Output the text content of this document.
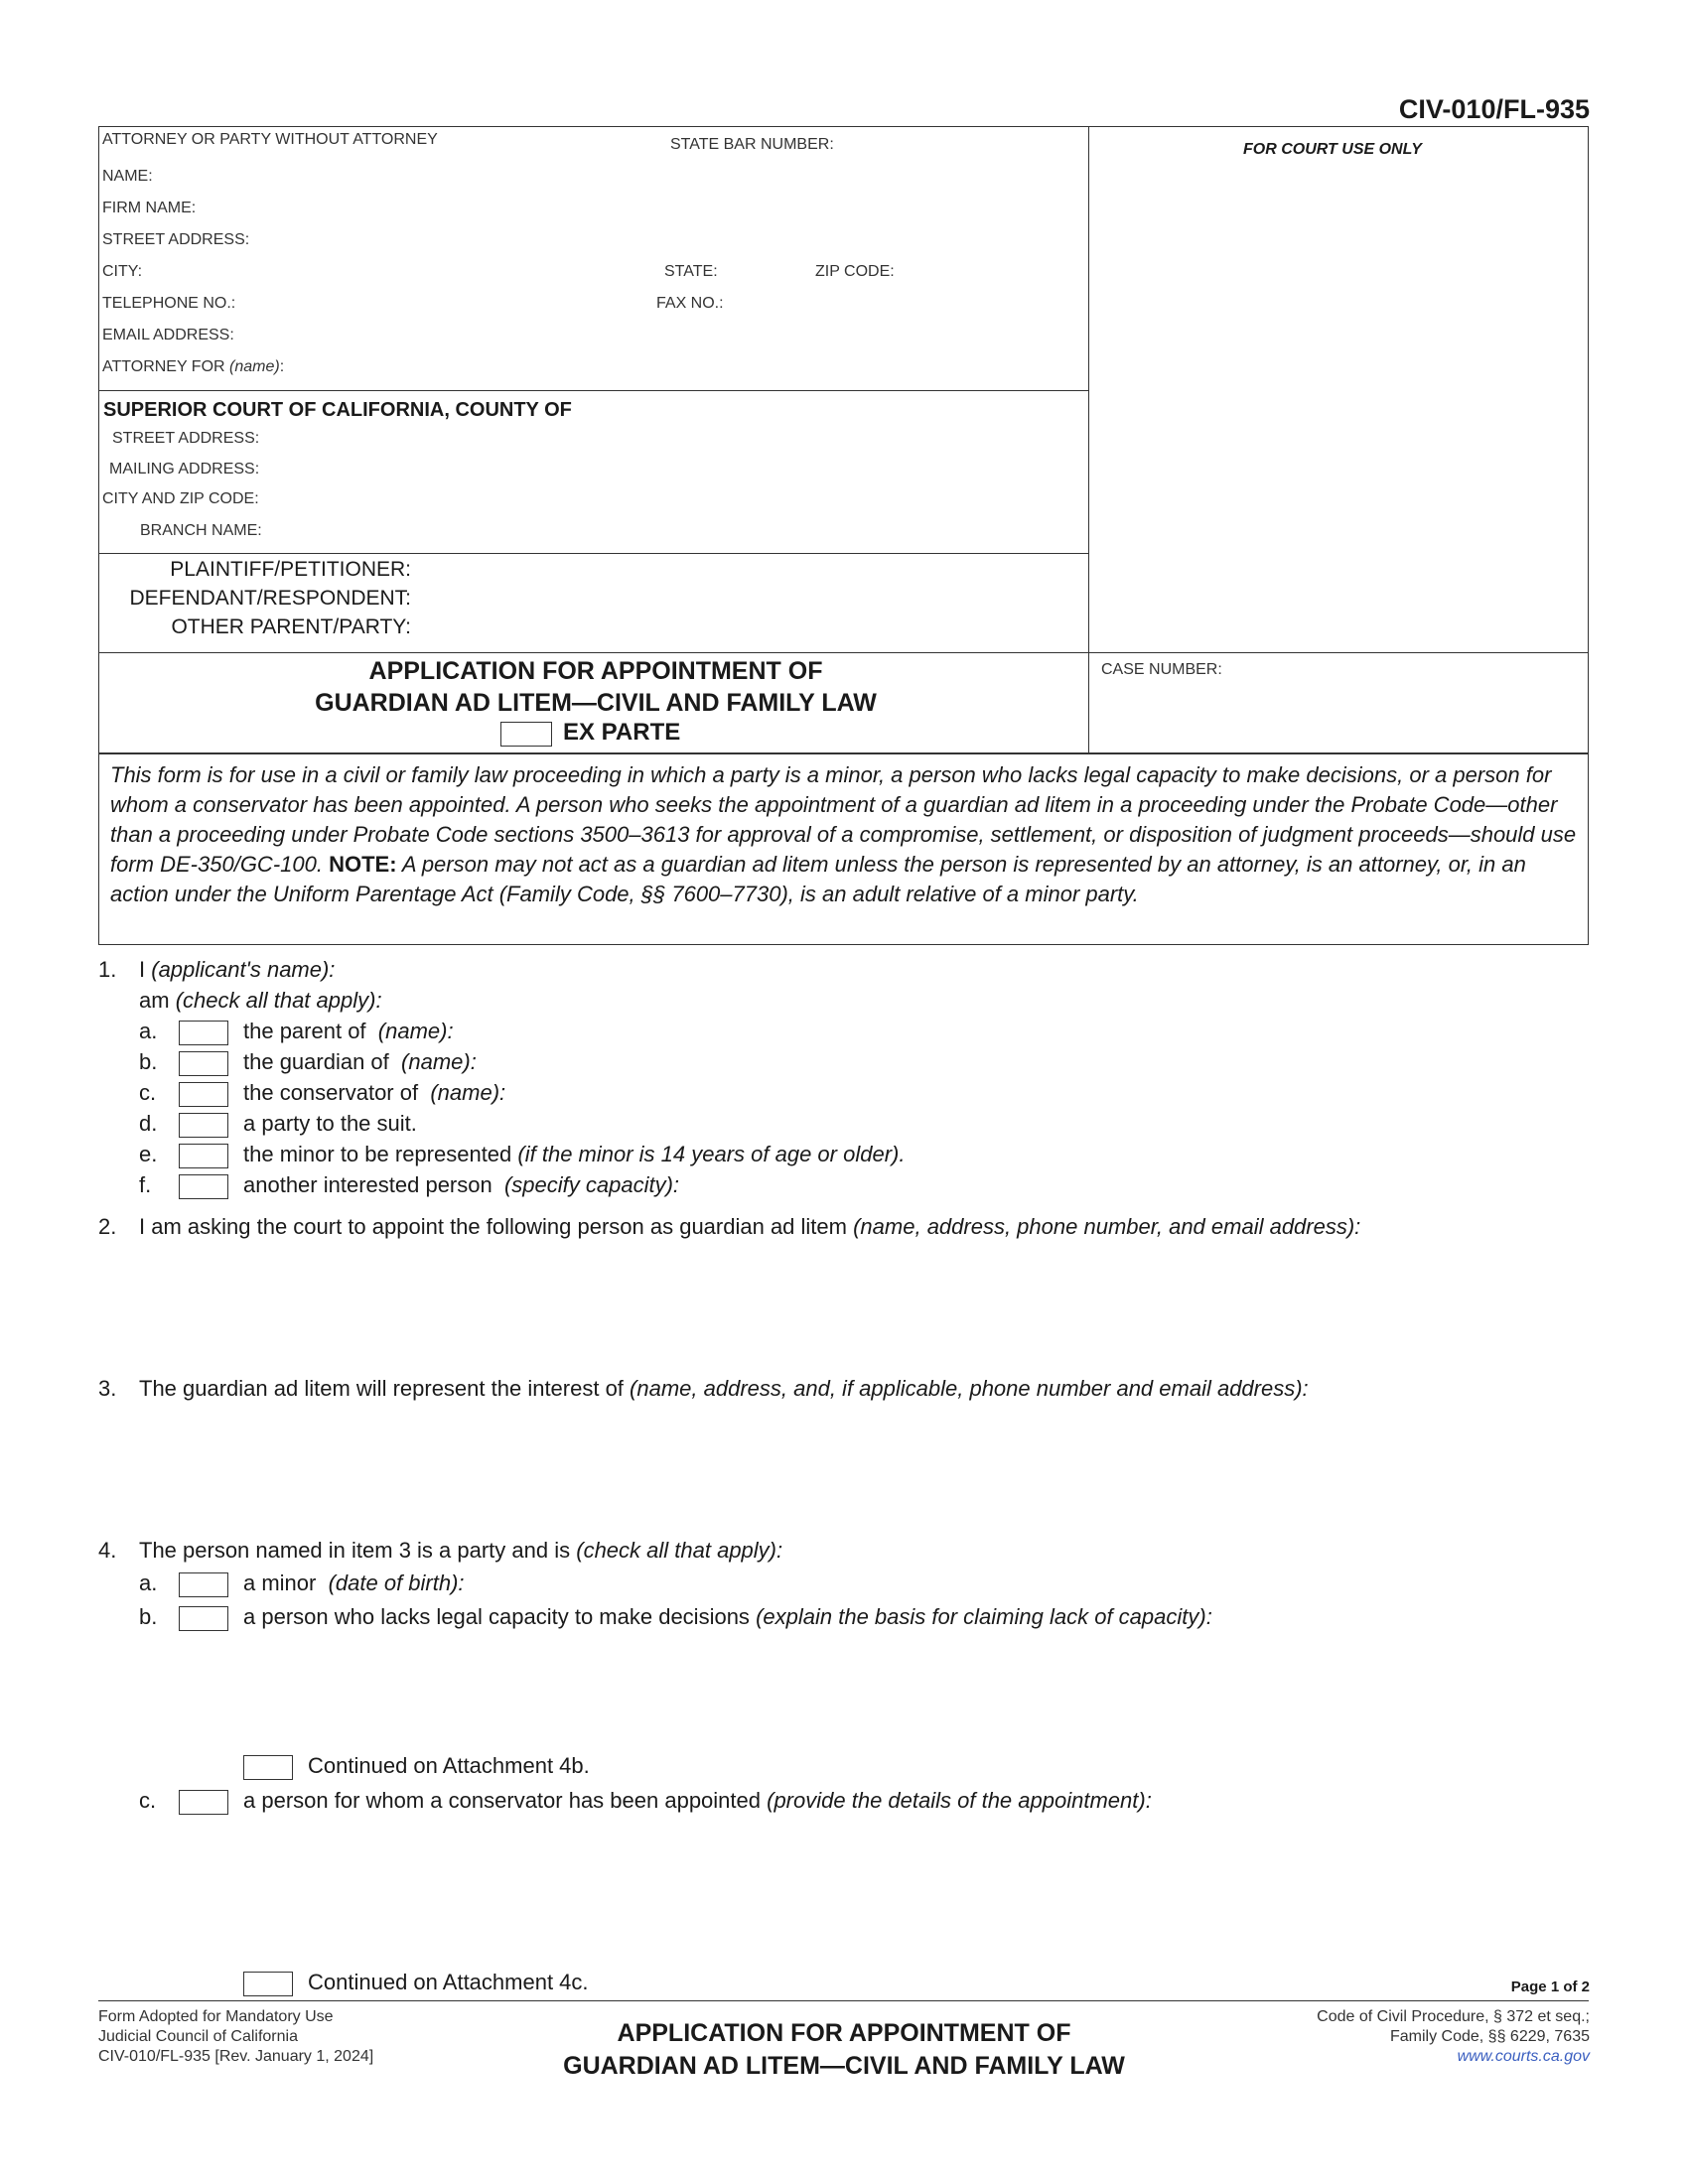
CIV-010/FL-935
ATTORNEY OR PARTY WITHOUT ATTORNEY	STATE BAR NUMBER:
NAME:
FIRM NAME:
STREET ADDRESS:
CITY:	STATE:	ZIP CODE:
TELEPHONE NO.:	FAX NO.:
EMAIL ADDRESS:
ATTORNEY FOR (name):
FOR COURT USE ONLY
SUPERIOR COURT OF CALIFORNIA, COUNTY OF
STREET ADDRESS:
MAILING ADDRESS:
CITY AND ZIP CODE:
BRANCH NAME:
PLAINTIFF/PETITIONER:
DEFENDANT/RESPONDENT:
OTHER PARENT/PARTY:
APPLICATION FOR APPOINTMENT OF
GUARDIAN AD LITEM—CIVIL AND FAMILY LAW
EX PARTE
CASE NUMBER:

This form is for use in a civil or family law proceeding in which a party is a minor, a person who lacks legal capacity to make decisions, or a person for whom a conservator has been appointed. A person who seeks the appointment of a guardian ad litem in a proceeding under the Probate Code—other than a proceeding under Probate Code sections 3500–3613 for approval of a compromise, settlement, or disposition of judgment proceeds—should use form DE-350/GC-100. NOTE: A person may not act as a guardian ad litem unless the person is represented by an attorney, is an attorney, or, in an action under the Uniform Parentage Act (Family Code, §§ 7600–7730), is an adult relative of a minor party.

1. I (applicant's name):
am (check all that apply):
a.	the parent of (name):
b.	the guardian of (name):
c.	the conservator of (name):
d.	a party to the suit.
e.	the minor to be represented (if the minor is 14 years of age or older).
f.	another interested person (specify capacity):
2. I am asking the court to appoint the following person as guardian ad litem (name, address, phone number, and email address):
3. The guardian ad litem will represent the interest of (name, address, and, if applicable, phone number and email address):
4. The person named in item 3 is a party and is (check all that apply):
a.	a minor (date of birth):
b.	a person who lacks legal capacity to make decisions (explain the basis for claiming lack of capacity):
Continued on Attachment 4b.
c.	a person for whom a conservator has been appointed (provide the details of the appointment):
Continued on Attachment 4c.	Page 1 of 2
Form Adopted for Mandatory Use
Judicial Council of California
CIV-010/FL-935 [Rev. January 1, 2024]
APPLICATION FOR APPOINTMENT OF
GUARDIAN AD LITEM—CIVIL AND FAMILY LAW
Code of Civil Procedure, § 372 et seq.;
Family Code, §§ 6229, 7635
www.courts.ca.gov
